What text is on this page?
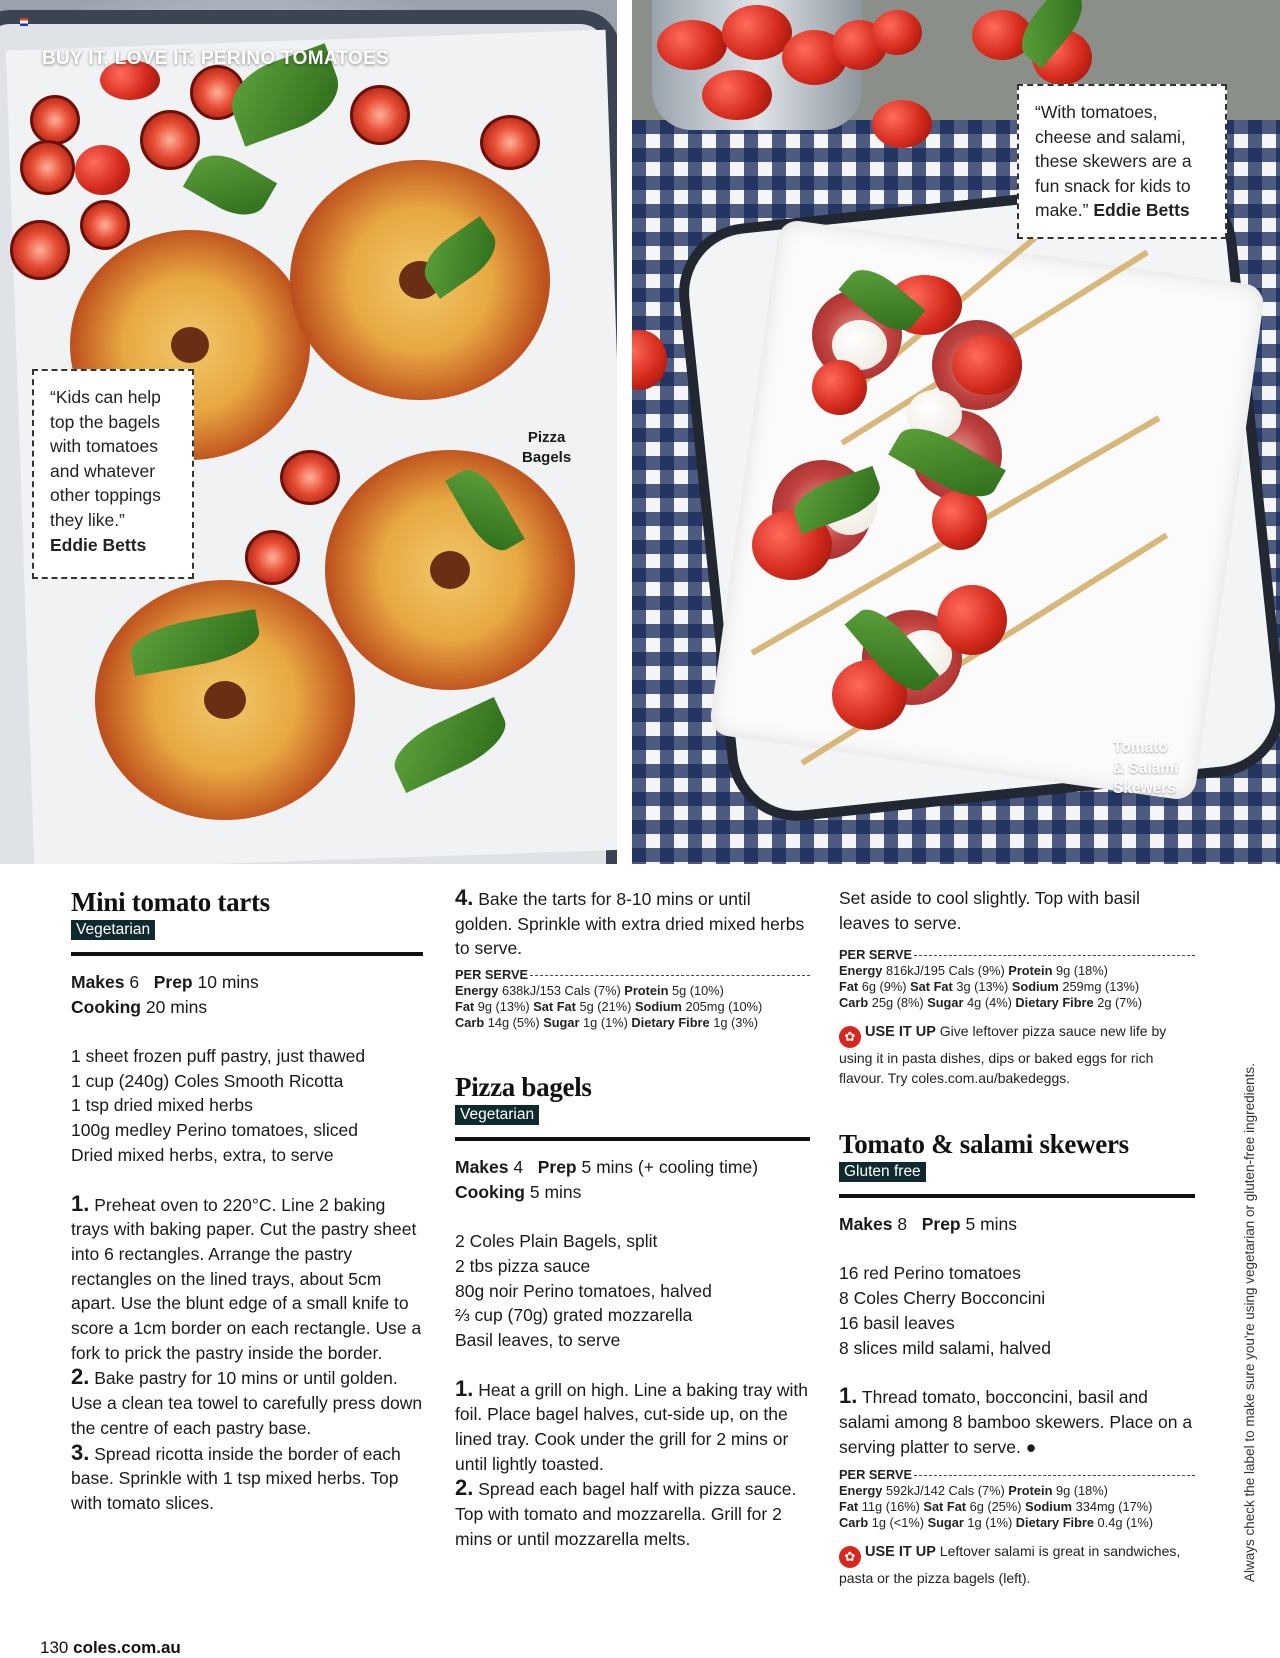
BUY IT, LOVE IT: PERINO TOMATOES
Pizza
Bagels
“Kids can help top the bagels with tomatoes and whatever other toppings they like.”
Eddie Betts
Tomato
& Salami
Skewers
“With tomatoes, cheese and salami, these skewers are a fun snack for kids to make.” Eddie Betts
Mini tomato tarts
Vegetarian
Makes 6 Prep 10 mins
Cooking 20 mins
1 sheet frozen puff pastry, just thawed
1 cup (240g) Coles Smooth Ricotta
1 tsp dried mixed herbs
100g medley Perino tomatoes, sliced
Dried mixed herbs, extra, to serve
1. Preheat oven to 220°C. Line 2 baking trays with baking paper. Cut the pastry sheet into 6 rectangles. Arrange the pastry rectangles on the lined trays, about 5cm apart. Use the blunt edge of a small knife to score a 1cm border on each rectangle. Use a fork to prick the pastry inside the border.
2. Bake pastry for 10 mins or until golden. Use a clean tea towel to carefully press down the centre of each pastry base.
3. Spread ricotta inside the border of each base. Sprinkle with 1 tsp mixed herbs. Top with tomato slices.
4. Bake the tarts for 8-10 mins or until golden. Sprinkle with extra dried mixed herbs to serve.
PER SERVE
Energy 638kJ/153 Cals (7%) Protein 5g (10%)
Fat 9g (13%) Sat Fat 5g (21%) Sodium 205mg (10%)
Carb 14g (5%) Sugar 1g (1%) Dietary Fibre 1g (3%)
Pizza bagels
Vegetarian
Makes 4 Prep 5 mins (+ cooling time)
Cooking 5 mins
2 Coles Plain Bagels, split
2 tbs pizza sauce
80g noir Perino tomatoes, halved
⅔ cup (70g) grated mozzarella
Basil leaves, to serve
1. Heat a grill on high. Line a baking tray with foil. Place bagel halves, cut-side up, on the lined tray. Cook under the grill for 2 mins or until lightly toasted.
2. Spread each bagel half with pizza sauce. Top with tomato and mozzarella. Grill for 2 mins or until mozzarella melts.
Set aside to cool slightly. Top with basil leaves to serve.
PER SERVE
Energy 816kJ/195 Cals (9%) Protein 9g (18%)
Fat 6g (9%) Sat Fat 3g (13%) Sodium 259mg (13%)
Carb 25g (8%) Sugar 4g (4%) Dietary Fibre 2g (7%)
✿ USE IT UP Give leftover pizza sauce new life by using it in pasta dishes, dips or baked eggs for rich flavour. Try coles.com.au/bakedeggs.
Tomato & salami skewers
Gluten free
Makes 8 Prep 5 mins
16 red Perino tomatoes
8 Coles Cherry Bocconcini
16 basil leaves
8 slices mild salami, halved
1. Thread tomato, bocconcini, basil and salami among 8 bamboo skewers. Place on a serving platter to serve. ●
PER SERVE
Energy 592kJ/142 Cals (7%) Protein 9g (18%)
Fat 11g (16%) Sat Fat 6g (25%) Sodium 334mg (17%)
Carb 1g (<1%) Sugar 1g (1%) Dietary Fibre 0.4g (1%)
✿ USE IT UP Leftover salami is great in sandwiches, pasta or the pizza bagels (left).	Always check the label to make sure you're using vegetarian or gluten-free ingredients.
130 coles.com.au
